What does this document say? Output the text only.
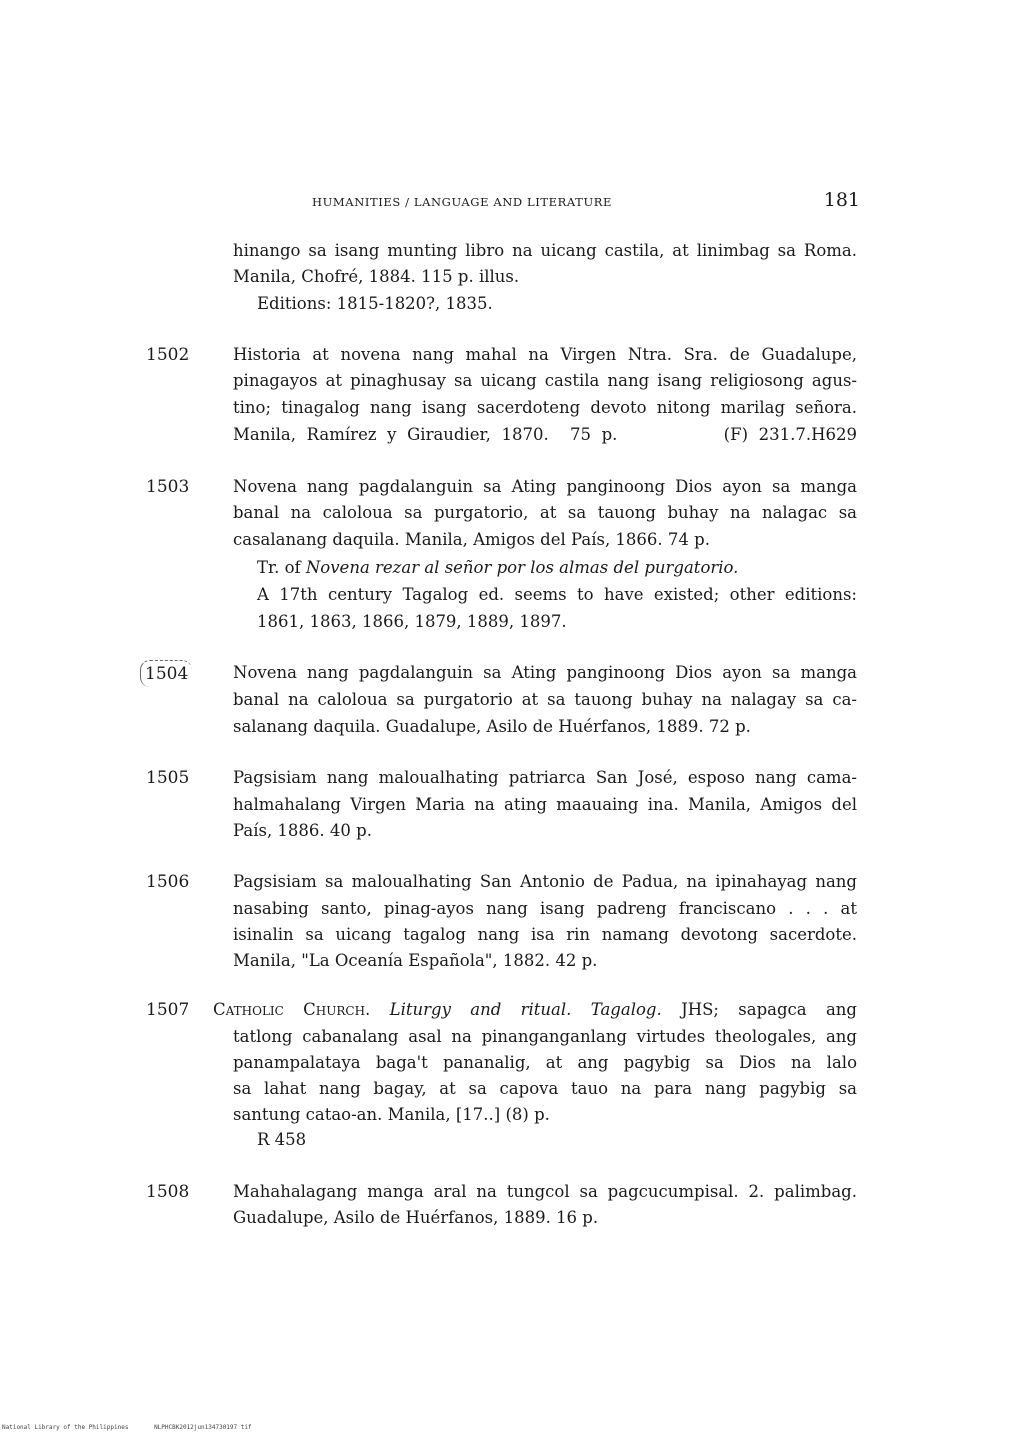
HUMANITIES / LANGUAGE AND LITERATURE	181
hinango sa isang munting libro na uicang castila, at linimbag sa Roma.
Manila, Chofré, 1884. 115 p. illus.
Editions: 1815-1820?, 1835.
1502	Historia at novena nang mahal na Virgen Ntra. Sra. de Guadalupe,
pinagayos at pinaghusay sa uicang castila nang isang religiosong agus-
tino; tinagalog nang isang sacerdoteng devoto nitong marilag señora.
Manila, Ramírez y Giraudier, 1870.  75 p.          (F) 231.7.H629
1503	Novena nang pagdalanguin sa Ating panginoong Dios ayon sa manga
banal na caloloua sa purgatorio, at sa tauong buhay na nalagac sa
casalanang daquila. Manila, Amigos del País, 1866. 74 p.
Tr. of Novena rezar al señor por los almas del purgatorio.
A 17th century Tagalog ed. seems to have existed; other editions:
1861, 1863, 1866, 1879, 1889, 1897.
1504	Novena nang pagdalanguin sa Ating panginoong Dios ayon sa manga
banal na caloloua sa purgatorio at sa tauong buhay na nalagay sa ca-
salanang daquila. Guadalupe, Asilo de Huérfanos, 1889. 72 p.
1505	Pagsisiam nang maloualhating patriarca San José, esposo nang cama-
halmahalang Virgen Maria na ating maauaing ina. Manila, Amigos del
País, 1886. 40 p.
1506	Pagsisiam sa maloualhating San Antonio de Padua, na ipinahayag nang
nasabing santo, pinag-ayos nang isang padreng franciscano . . . at
isinalin sa uicang tagalog nang isa rin namang devotong sacerdote.
Manila, "La Oceanía Española", 1882. 42 p.
1507 Catholic Church. Liturgy and ritual. Tagalog. JHS; sapagca ang
tatlong cabanalang asal na pinanganganlang virtudes theologales, ang
panampalataya baga't pananalig, at ang pagybig sa Dios na lalo
sa lahat nang bagay, at sa capova tauo na para nang pagybig sa
santung catao-an. Manila, [17..] (8) p.
R 458
1508	Mahahalagang manga aral na tungcol sa pagcucumpisal. 2. palimbag.
Guadalupe, Asilo de Huérfanos, 1889. 16 p.
National Library of the Philippines	NLPHCBK2012jun134730197 tif
